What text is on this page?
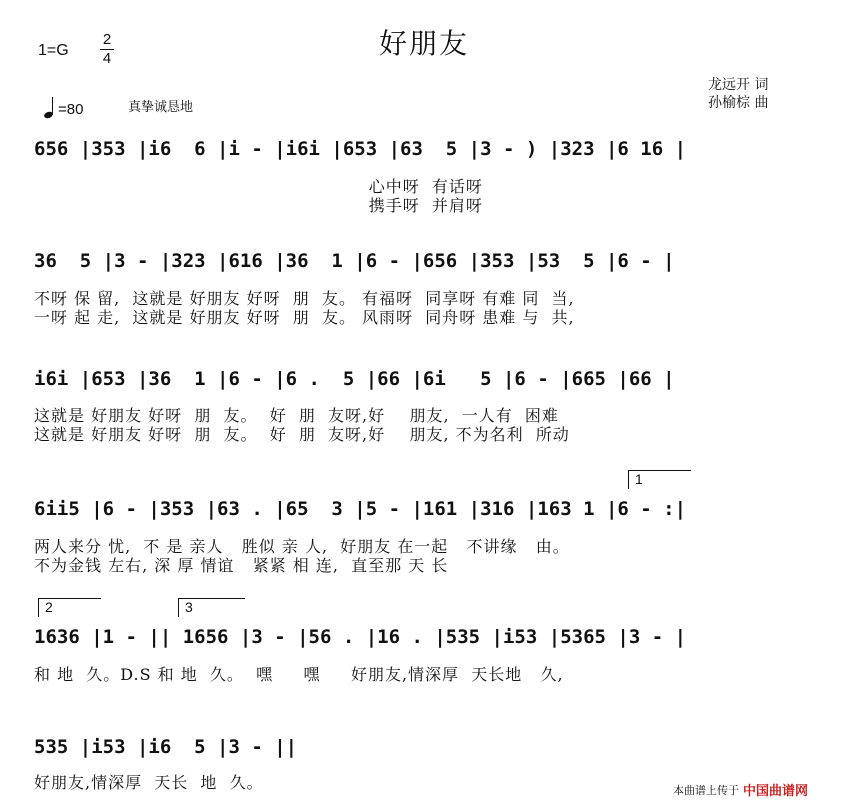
好朋友
1=G
2
4
=80	真挚诚恳地
龙远开 词
孙榆棕 曲
656 |353 |i6  6 |i - |i6i |653 |63  5 |3 - ) |323 |6 16 |
心中呀  有话呀
携手呀  并肩呀
36  5 |3 - |323 |616 |36  1 |6 - |656 |353 |53  5 |6 - |
不呀 保 留,  这就是 好朋友 好呀  朋  友。 有福呀  同享呀 有难 同  当,
一呀 起 走,  这就是 好朋友 好呀  朋  友。 风雨呀  同舟呀 患难 与  共,
i6i |653 |36  1 |6 - |6 .  5 |66 |6i   5 |6 - |665 |66 |
这就是 好朋友 好呀  朋  友。  好  朋  友呀,好    朋友,  一人有  困难
这就是 好朋友 好呀  朋  友。  好  朋  友呀,好    朋友, 不为名利  所动
1
6ii5 |6 - |353 |63 . |65  3 |5 - |161 |316 |163 1 |6 - :|
两人来分 忧,  不 是 亲人   胜似 亲 人,  好朋友 在一起   不讲缘   由。
不为金钱 左右, 深 厚 情谊   紧紧 相 连,  直至那 天 长
2	3
1636 |1 - || 1656 |3 - |56 . |16 . |535 |i53 |5365 |3 - |
和 地  久。D.S 和 地  久。  嘿     嘿     好朋友,情深厚  天长地   久,
535 |i53 |i6  5 |3 - ||
好朋友,情深厚  天长  地  久。	本曲谱上传于 中国曲谱网
